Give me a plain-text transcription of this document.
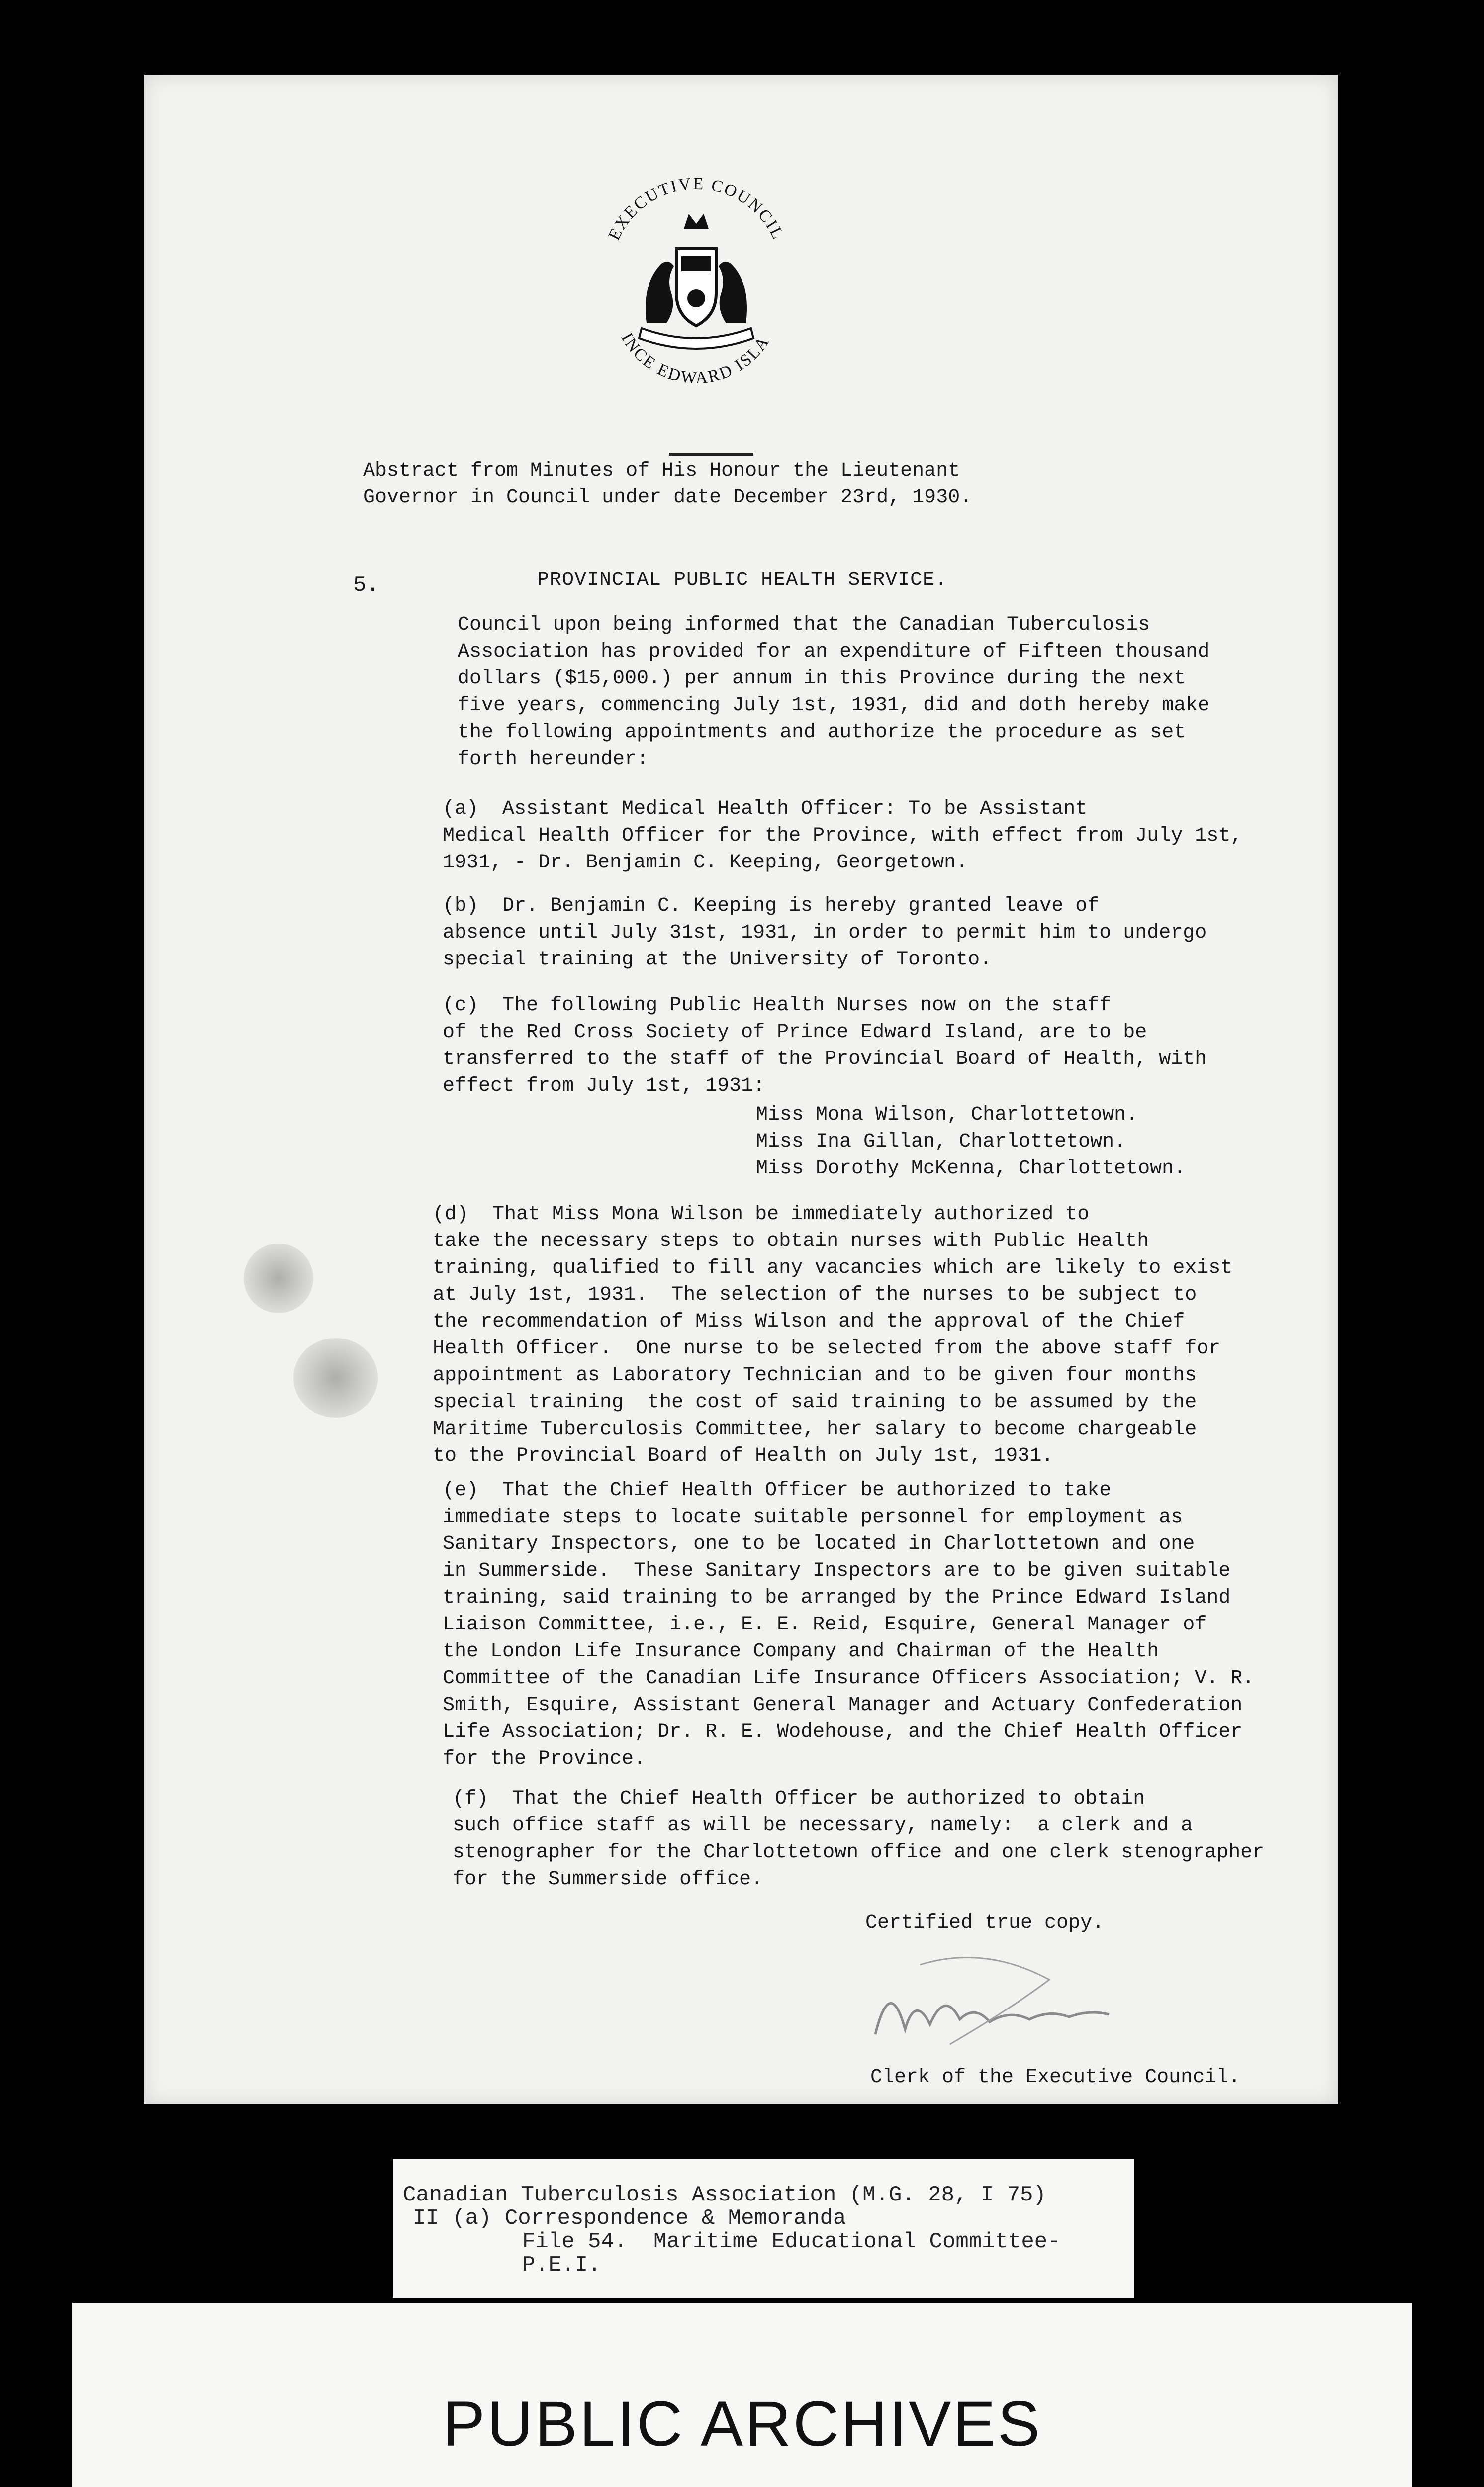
EXECUTIVE COUNCIL
INCE EDWARD ISLA
Abstract from Minutes of His Honour the Lieutenant
Governor in Council under date December 23rd, 1930.
5.	PROVINCIAL PUBLIC HEALTH SERVICE.
Council upon being informed that the Canadian Tuberculosis
Association has provided for an expenditure of Fifteen thousand
dollars ($15,000.) per annum in this Province during the next
five years, commencing July 1st, 1931, did and doth hereby make
the following appointments and authorize the procedure as set
forth hereunder:
(a)  Assistant Medical Health Officer: To be Assistant
Medical Health Officer for the Province, with effect from July 1st,
1931, - Dr. Benjamin C. Keeping, Georgetown.
(b)  Dr. Benjamin C. Keeping is hereby granted leave of
absence until July 31st, 1931, in order to permit him to undergo
special training at the University of Toronto.
(c)  The following Public Health Nurses now on the staff
of the Red Cross Society of Prince Edward Island, are to be
transferred to the staff of the Provincial Board of Health, with
effect from July 1st, 1931:
Miss Mona Wilson, Charlottetown.
Miss Ina Gillan, Charlottetown.
Miss Dorothy McKenna, Charlottetown.
(d)  That Miss Mona Wilson be immediately authorized to
take the necessary steps to obtain nurses with Public Health
training, qualified to fill any vacancies which are likely to exist
at July 1st, 1931.  The selection of the nurses to be subject to
the recommendation of Miss Wilson and the approval of the Chief
Health Officer.  One nurse to be selected from the above staff for
appointment as Laboratory Technician and to be given four months
special training  the cost of said training to be assumed by the
Maritime Tuberculosis Committee, her salary to become chargeable
to the Provincial Board of Health on July 1st, 1931.
(e)  That the Chief Health Officer be authorized to take
immediate steps to locate suitable personnel for employment as
Sanitary Inspectors, one to be located in Charlottetown and one
in Summerside.  These Sanitary Inspectors are to be given suitable
training, said training to be arranged by the Prince Edward Island
Liaison Committee, i.e., E. E. Reid, Esquire, General Manager of
the London Life Insurance Company and Chairman of the Health
Committee of the Canadian Life Insurance Officers Association; V. R.
Smith, Esquire, Assistant General Manager and Actuary Confederation
Life Association; Dr. R. E. Wodehouse, and the Chief Health Officer
for the Province.
(f)  That the Chief Health Officer be authorized to obtain
such office staff as will be necessary, namely:  a clerk and a
stenographer for the Charlottetown office and one clerk stenographer
for the Summerside office.
Certified true copy.
Clerk of the Executive Council.
Canadian Tuberculosis Association (M.G. 28, I 75)
II (a) Correspondence & Memoranda
File 54.  Maritime Educational Committee-
P.E.I.
PUBLIC ARCHIVES
